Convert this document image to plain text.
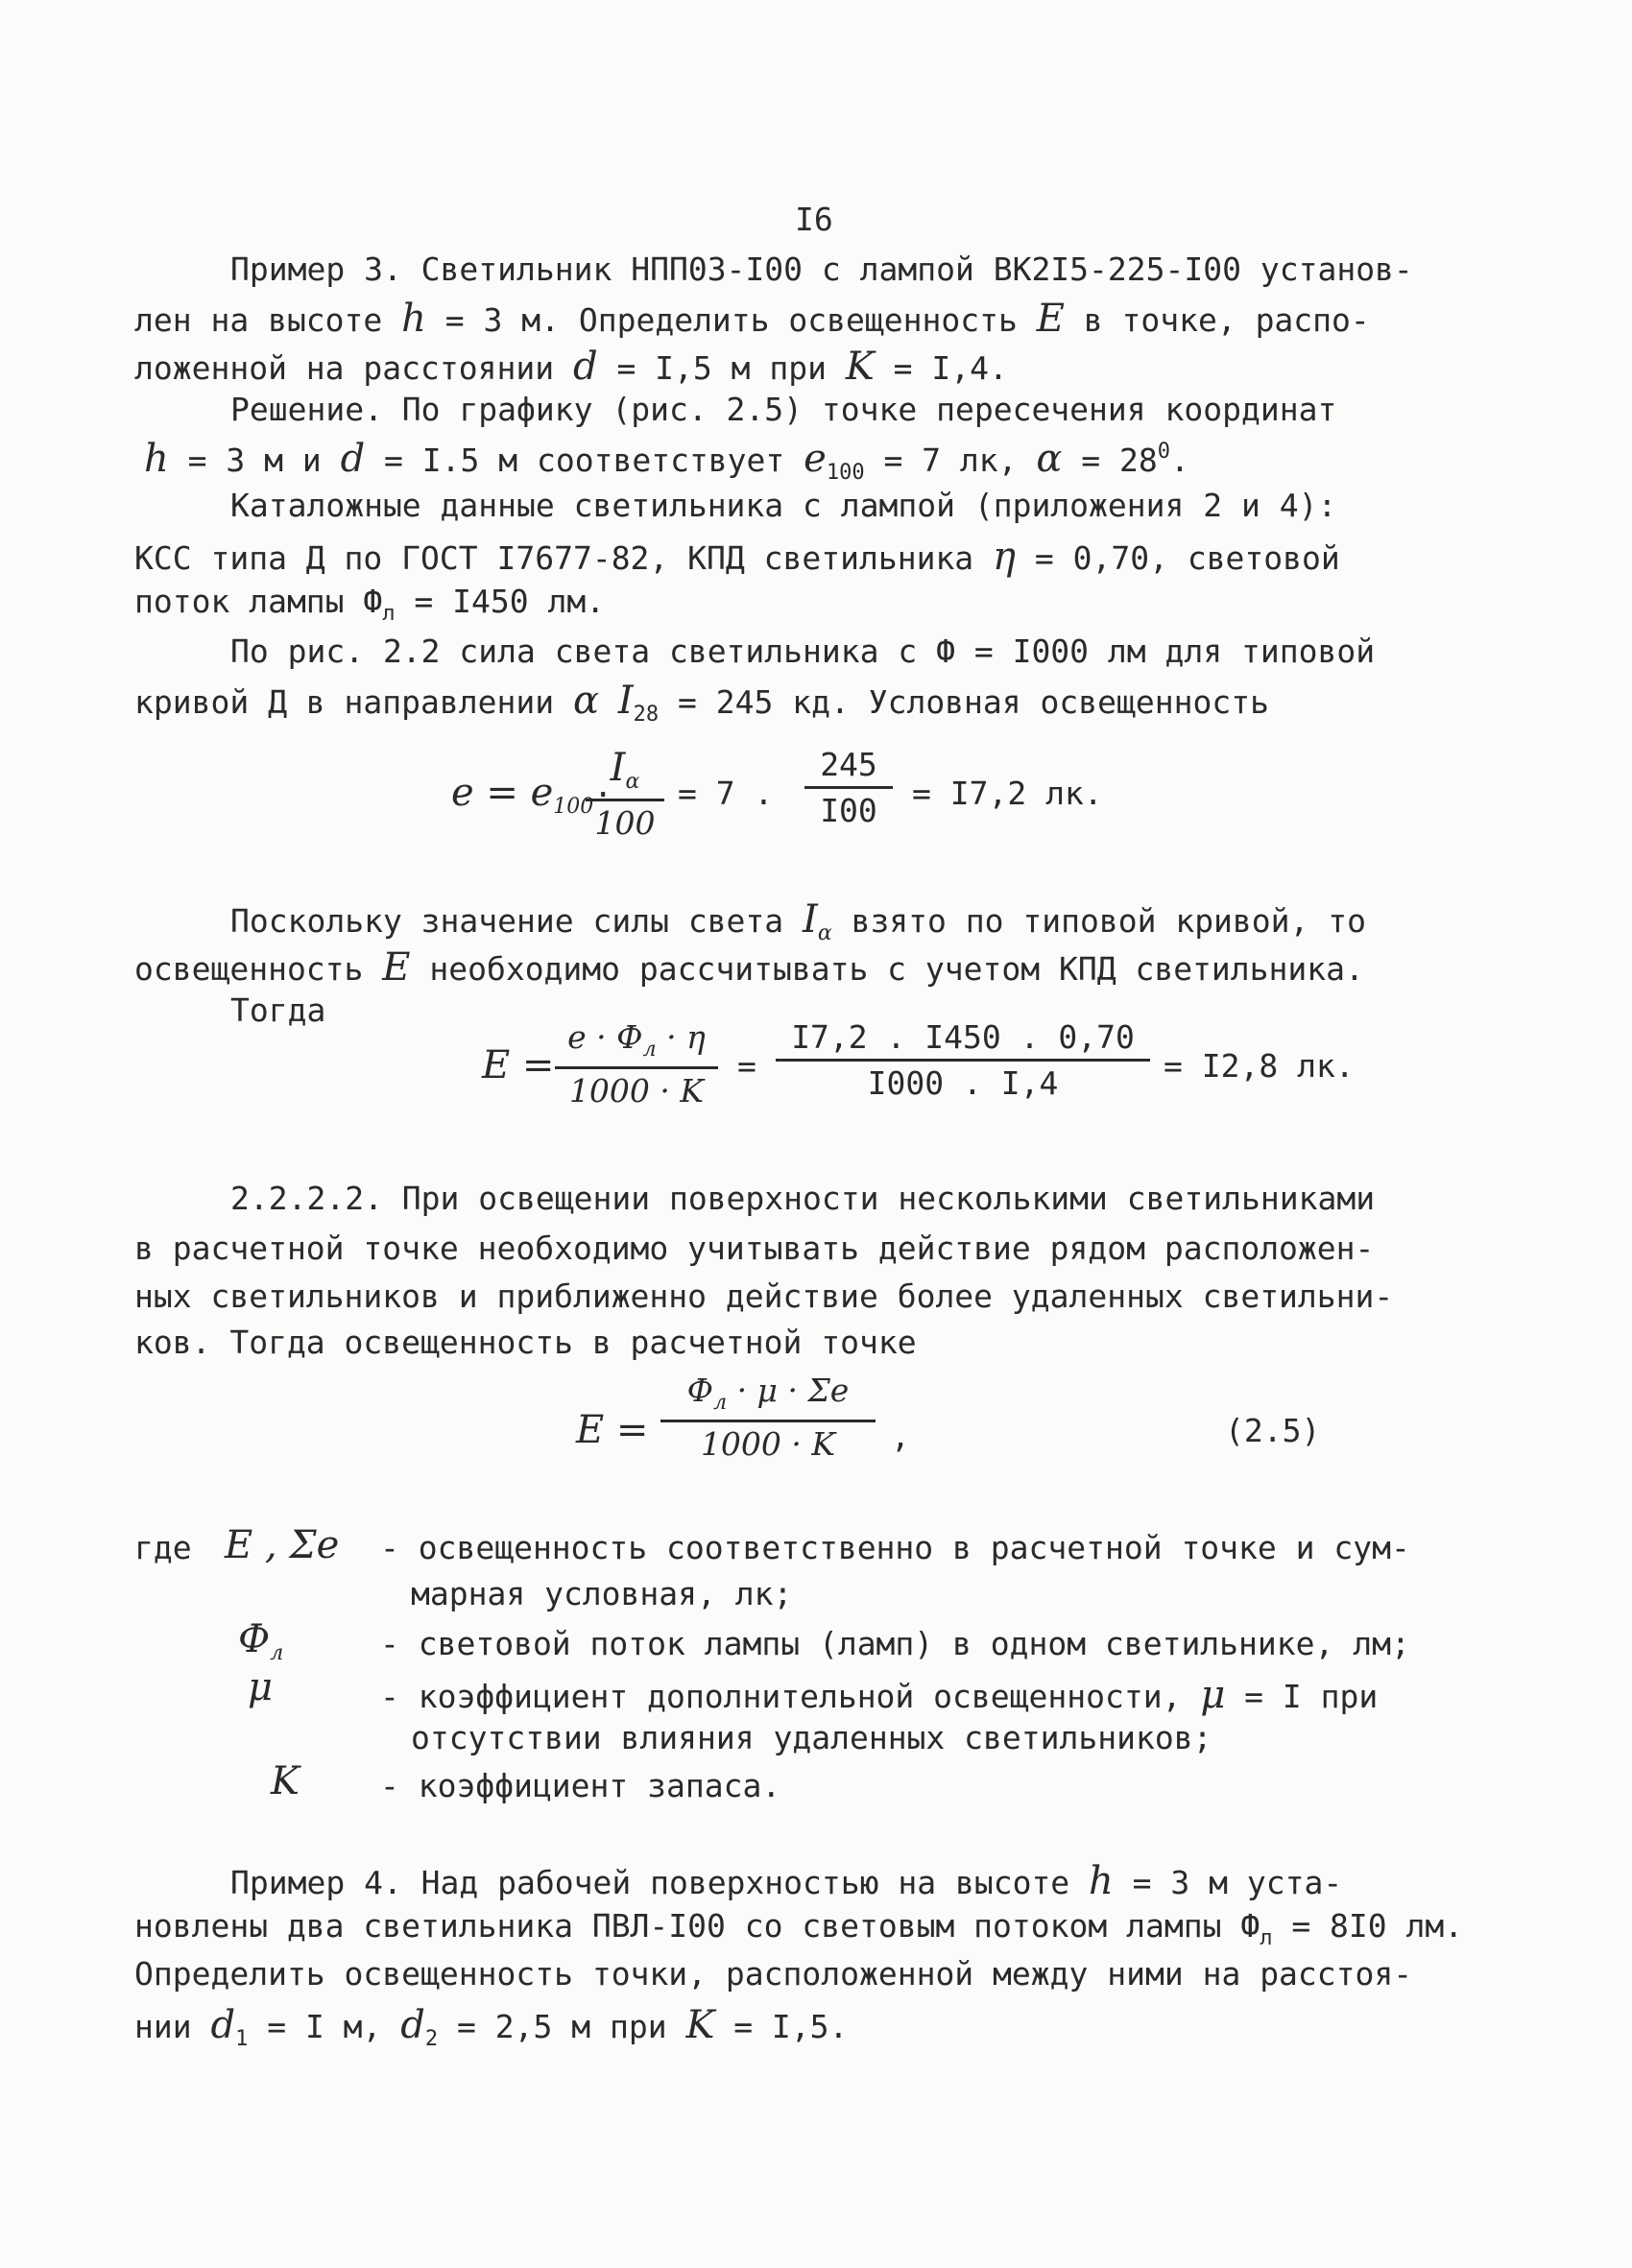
I6
Пример 3. Светильник НПП03-I00 с лампой ВК2I5-225-I00 установ-
лен на высоте h = 3 м. Определить освещенность E в точке, распо-
ложенной на расстоянии d = I,5 м при K = I,4.
Решение. По графику (рис. 2.5) точке пересечения координат
h = 3 м и d = I.5 м соответствует $e_{100} = 7$ лк, $\alpha = 28^0$.
Каталожные данные светильника с лампой (приложения 2 и 4):
КСС типа Д по ГОСТ I7677-82, КПД светильника η = 0,70, световой
поток лампы $Ф_л = I450$ лм.
По рис. 2.2 сила света светильника с Ф = I000 лм для типовой
кривой Д в направлении α $I_{28} = 245$ кд. Условная освещенность
$e = e_{100}\cdot$
$I_\alpha$
100
= 7 .
245
I00	= I7,2 лк.
Поскольку значение силы света $I_\alpha$ взято по типовой кривой, то
освещенность E необходимо рассчитывать с учетом КПД светильника.
Тогда
E =
$e \cdot Ф_л \cdot \eta$
1000 · K
=
I7,2 . I450 . 0,70
I000 . I,4	= I2,8 лк.
2.2.2.2. При освещении поверхности несколькими светильниками
в расчетной точке необходимо учитывать действие рядом расположен-
ных светильников и приближенно действие более удаленных светильни-
ков. Тогда освещенность в расчетной точке
E =
$Ф_л \cdot \mu \cdot \Sigma e$
1000 · K	,	(2.5)
где E , Σe - освещенность соответственно в расчетной точке и сум-
марная условная, лк;
$Ф_л$	- световой поток лампы (ламп) в одном светильнике, лм;
μ	- коэффициент дополнительной освещенности, μ = I при
отсутствии влияния удаленных светильников;
K	- коэффициент запаса.
Пример 4. Над рабочей поверхностью на высоте h = 3 м уста-
новлены два светильника ПВЛ-I00 со световым потоком лампы $Ф_л = 8I0$ лм.
Определить освещенность точки, расположенной между ними на расстоя-
нии $d_1 = I$ м, $d_2 = 2,5$ м при K = I,5.
